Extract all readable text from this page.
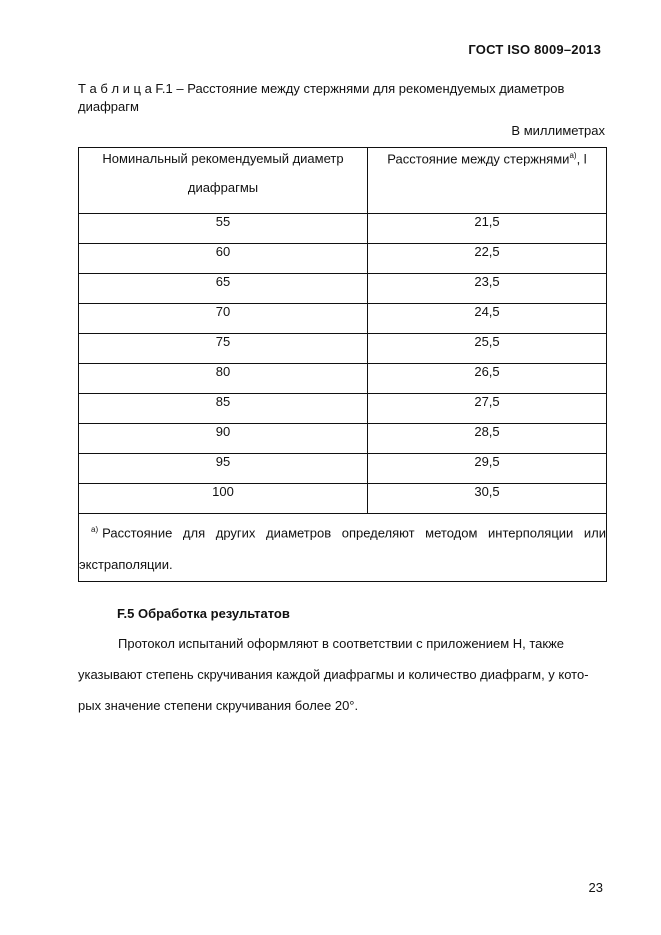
ГОСТ ISO 8009–2013
Т а б л и ц а F.1 – Расстояние между стержнями для рекомендуемых диаметров диафрагм
В миллиметрах
Номинальный рекомендуемый диаметр
диафрагмы	Расстояние между стержнями$^{а)}$, l
55	21,5
60	22,5
65	23,5
70	24,5
75	25,5
80	26,5
85	27,5
90	28,5
95	29,5
100	30,5

$^{а)}$ Расстояние для других диаметров определяют методом интерполяции или экстраполяции.	
F.5 Обработка результатов
Протокол испытаний оформляют в соответствии с приложением Н, также указывают степень скручивания каждой диафрагмы и количество диафрагм, у кото-рых значение степени скручивания более 20°.
23
